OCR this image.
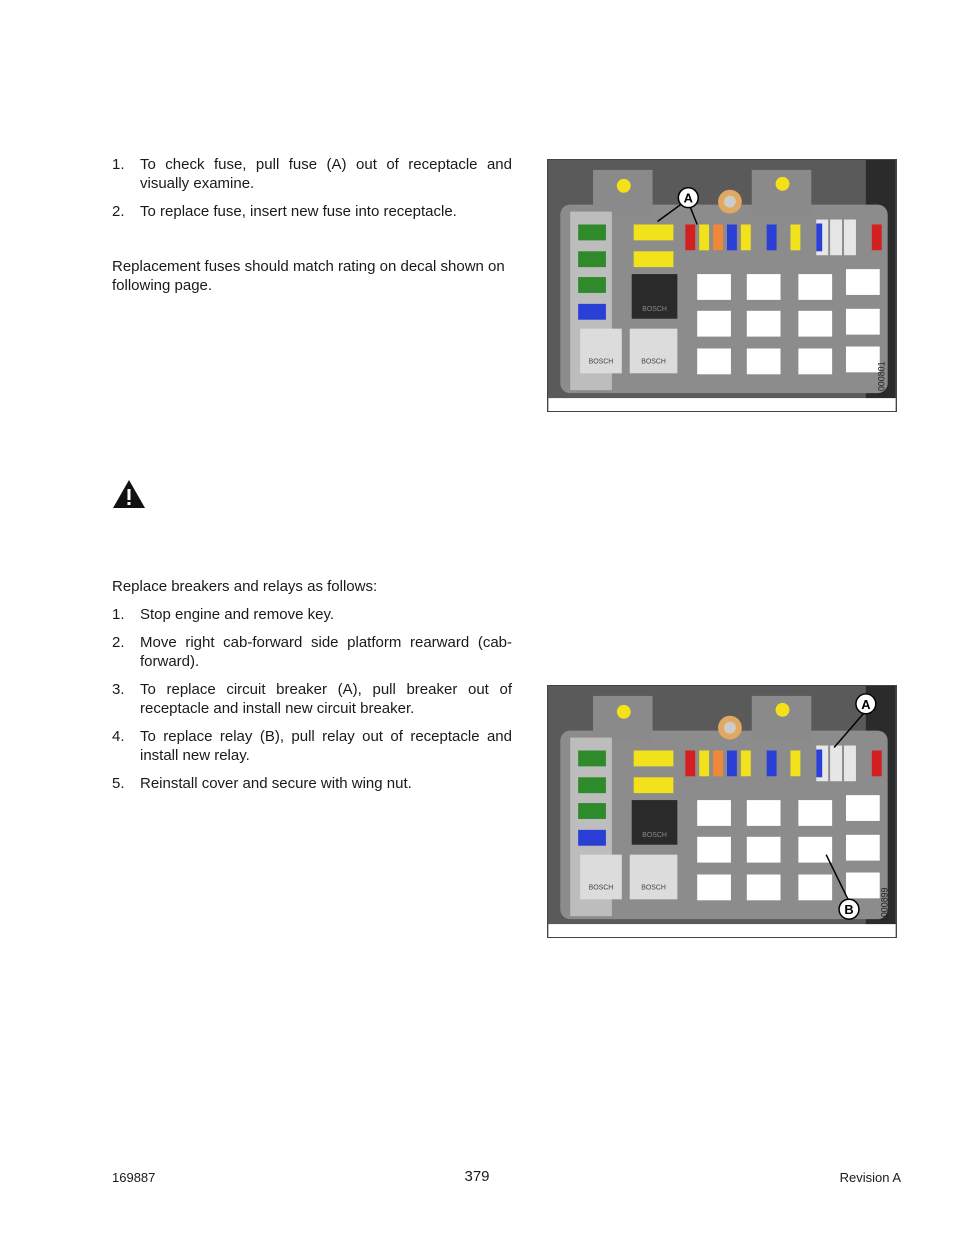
1. To check fuse, pull fuse (A) out of receptacle and visually examine.
2. To replace fuse, insert new fuse into receptacle.

Replacement fuses should match rating on decal shown on following page.

BOSCH
BOSCH	BOSCH
A
1000801

Replace breakers and relays as follows:

1. Stop engine and remove key.
2. Move right cab-forward side platform rearward (cab-forward).
3. To replace circuit breaker (A), pull breaker out of receptacle and install new circuit breaker.
4. To replace relay (B), pull relay out of receptacle and install new relay.
5. Reinstall cover and secure with wing nut.
BOSCH
BOSCH	BOSCH
A
B	1000899
169887	379	Revision A
